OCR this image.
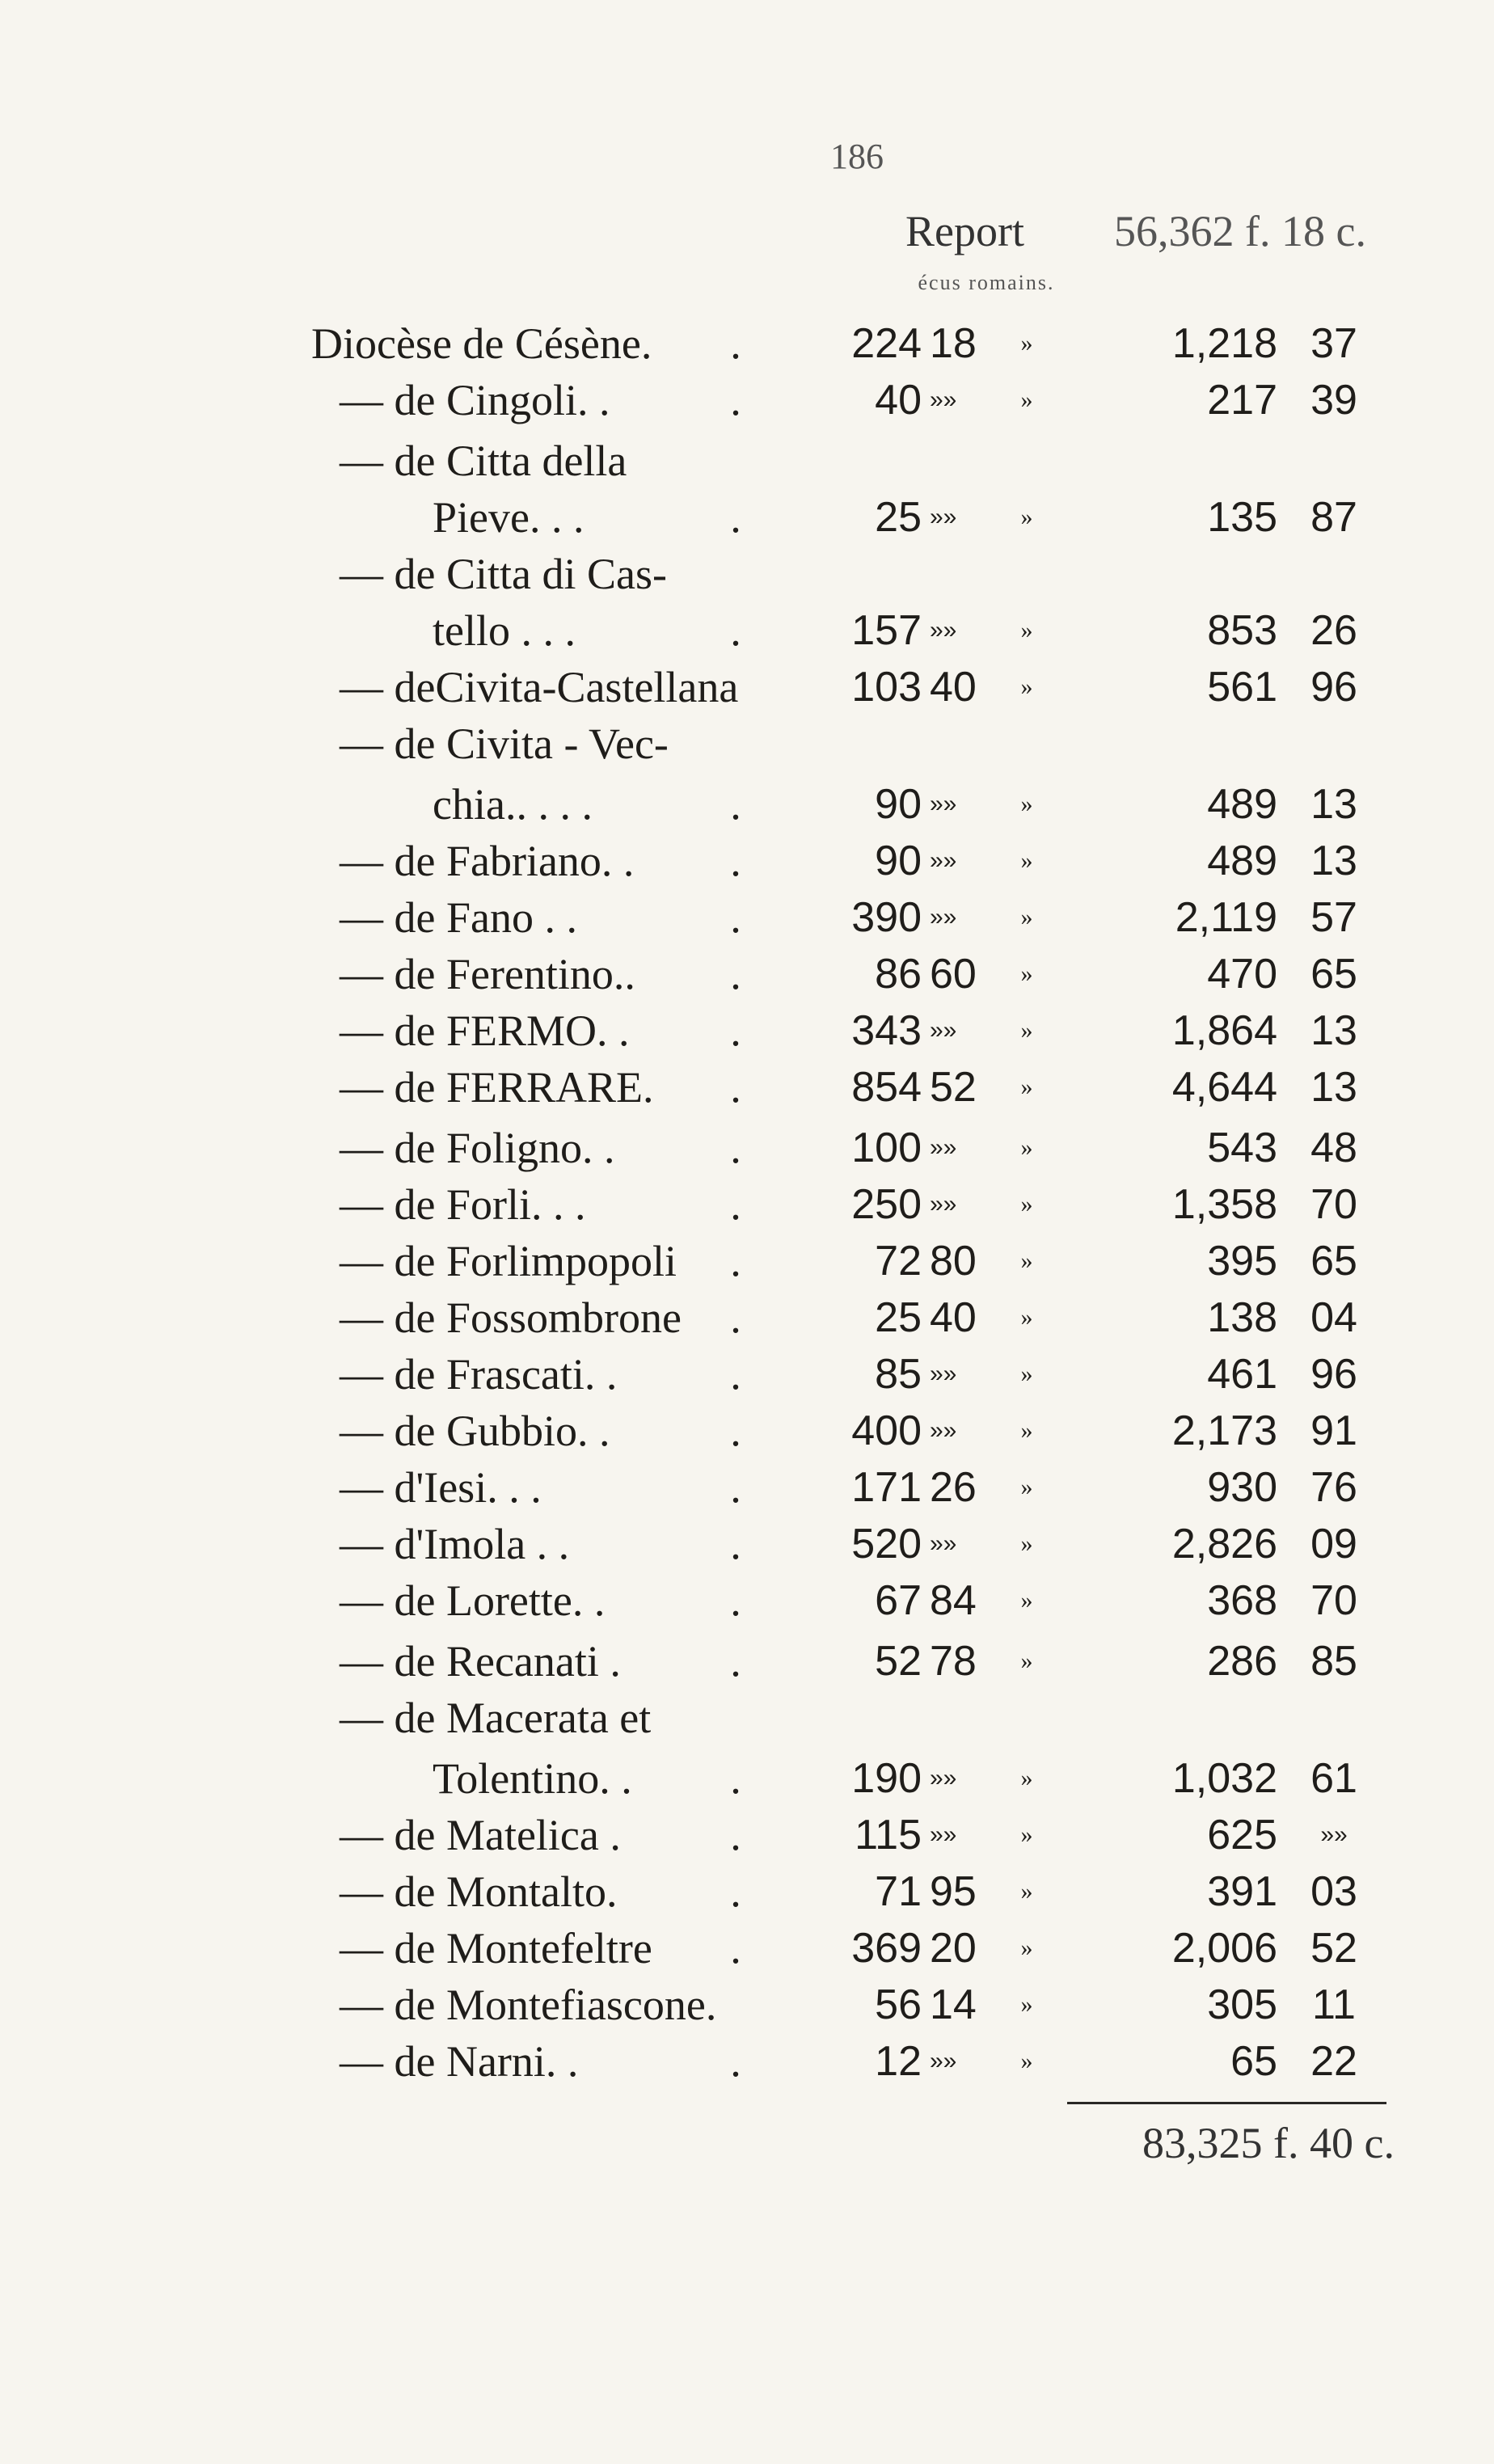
186
Report 56,362 f. 18 c.
écus romains.
Diocèse de Césène. .	224 18	»	1,218 37
— de Cingoli. .	.	40 »»	»	217 39
— de Citta della
Pieve. . .	.	25 »»	»	135 87
— de Citta di Cas-
tello . . .	.	157 »»	»	853 26
— deCivita-Castellana	103 40	»	561 96
— de Civita - Vec-
chia.. . . .	.	90 »»	»	489 13
— de Fabriano. . .	90 »»	»	489 13
— de Fano . .	.	390 »»	»	2,119 57
— de Ferentino.. .	86 60	»	470 65
— de FERMO. . .	343 »»	»	1,864 13
— de FERRARE. .	854 52	»	4,644 13
— de Foligno. .	.	100 »»	»	543 48
— de Forli. . .	.	250 »»	»	1,358 70
— de Forlimpopoli .	72 80	»	395 65
— de Fossombrone .	25 40	»	138 04
— de Frascati. .	.	85 »»	»	461 96
— de Gubbio. .	.	400 »»	»	2,173 91
— d'Iesi. . .	.	171 26	»	930 76
— d'Imola . .	.	520 »»	»	2,826 09
— de Lorette. .	.	67 84	»	368 70
— de Recanati .	.	52 78	»	286 85
— de Macerata et
Tolentino. . .	190 »»	»	1,032 61
— de Matelica .	.	115 »»	»	625	»»
— de Montalto.	.	71 95	»	391 03
— de Montefeltre .	369 20	»	2,006 52
— de Montefiascone.	56 14	»	305 11
— de Narni. .	.	12 »»	»	65 22
83,325 f. 40 c.
